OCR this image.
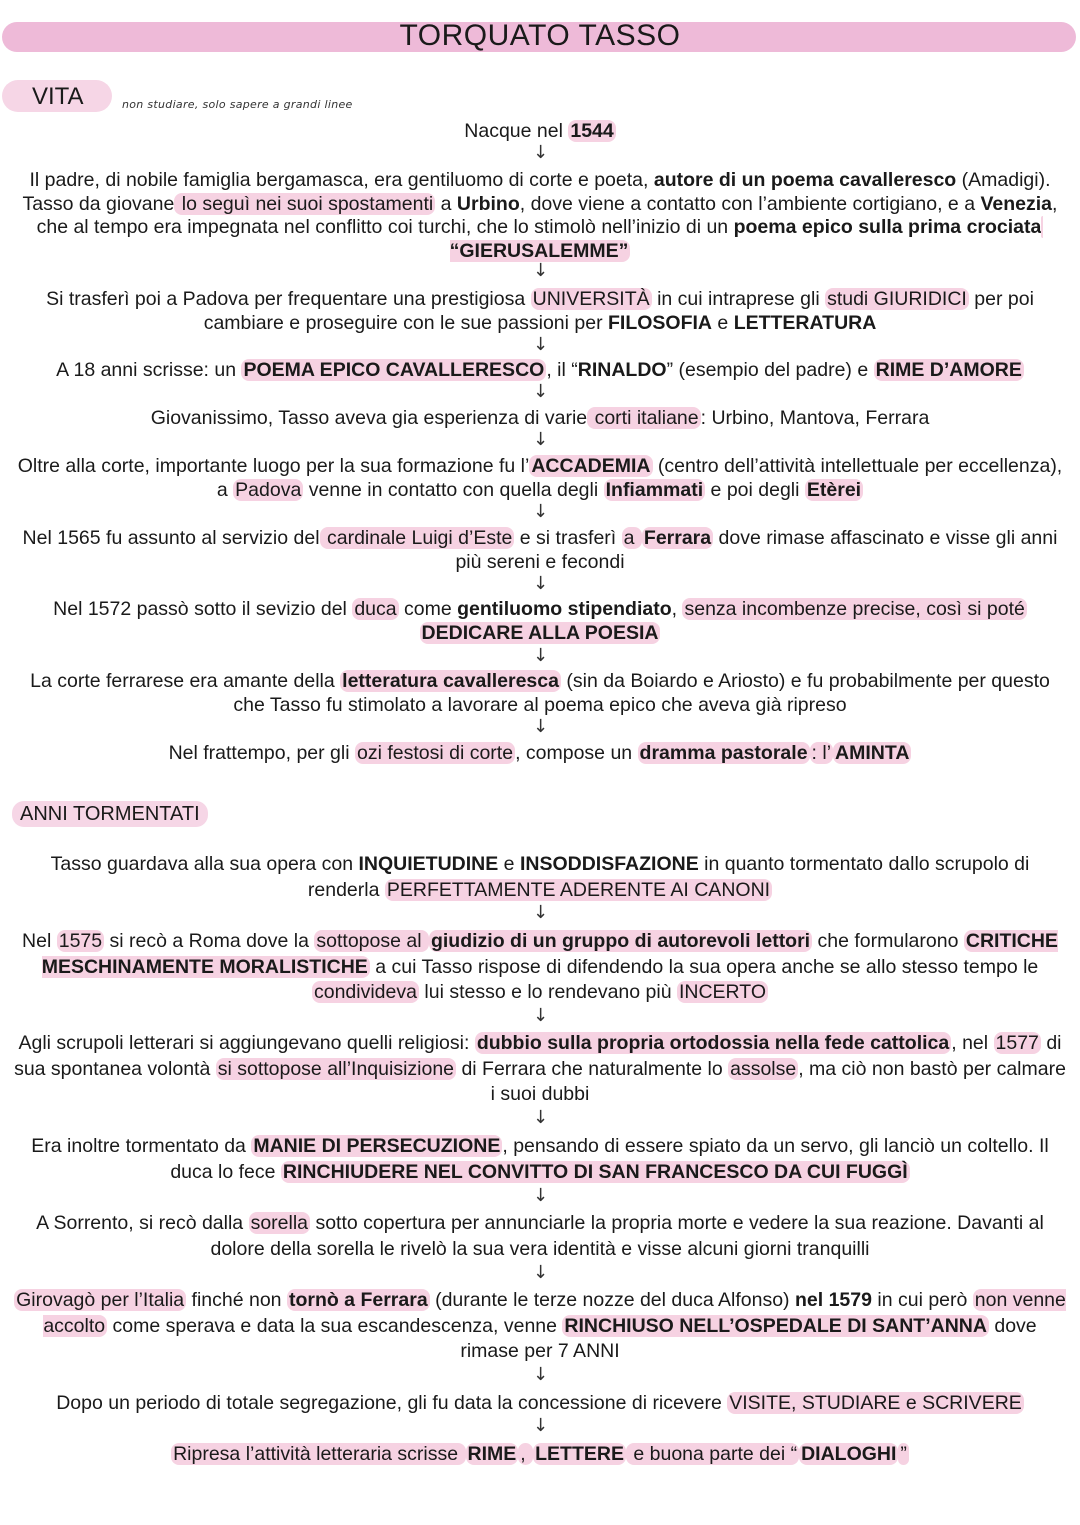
TORQUATO TASSO
VITA	non studiare, solo sapere a grandi linee
Nacque nel 1544
↓
Il padre, di nobile famiglia bergamasca, era gentiluomo di corte e poeta, autore di un poema cavalleresco (Amadigi). Tasso da giovane lo seguì nei suoi spostamenti a Urbino, dove viene a contatto con l’ambiente cortigiano, e a Venezia, che al tempo era impegnata nel conflitto coi turchi, che lo stimolò nell’inizio di un poema epico sulla prima crociata “GIERUSALEMME”
↓
Si trasferì poi a Padova per frequentare una prestigiosa UNIVERSITÀ in cui intraprese gli studi GIURIDICI per poi cambiare e proseguire con le sue passioni per FILOSOFIA e LETTERATURA
↓
A 18 anni scrisse: un POEMA EPICO CAVALLERESCO , il “RINALDO” (esempio del padre) e RIME D’AMORE
↓
Giovanissimo, Tasso aveva gia esperienza di varie corti italiane : Urbino, Mantova, Ferrara
↓
Oltre alla corte, importante luogo per la sua formazione fu l’ ACCADEMIA (centro dell’attività intellettuale per eccellenza), a Padova venne in contatto con quella degli Infiammati e poi degli Etèrei
↓
Nel 1565 fu assunto al servizio del cardinale Luigi d’Este e si trasferì a Ferrara dove rimase affascinato e visse gli anni più sereni e fecondi
↓
Nel 1572 passò sotto il sevizio del duca come gentiluomo stipendiato, senza incombenze precise, così si poté DEDICARE ALLA POESIA
↓
La corte ferrarese era amante della letteratura cavalleresca (sin da Boiardo e Ariosto) e fu probabilmente per questo che Tasso fu stimolato a lavorare al poema epico che aveva già ripreso
↓
Nel frattempo, per gli ozi festosi di corte , compose un dramma pastorale : l’ AMINTA
ANNI TORMENTATI
Tasso guardava alla sua opera con INQUIETUDINE e INSODDISFAZIONE in quanto tormentato dallo scrupolo di renderla PERFETTAMENTE ADERENTE AI CANONI
↓
Nel 1575 si recò a Roma dove la sottopose al giudizio di un gruppo di autorevoli lettori che formularono CRITICHE MESCHINAMENTE MORALISTICHE a cui Tasso rispose di difendendo la sua opera anche se allo stesso tempo le condivideva lui stesso e lo rendevano più INCERTO
↓
Agli scrupoli letterari si aggiungevano quelli religiosi: dubbio sulla propria ortodossia nella fede cattolica , nel 1577 di sua spontanea volontà si sottopose all’Inquisizione di Ferrara che naturalmente lo assolse , ma ciò non bastò per calmare i suoi dubbi
↓
Era inoltre tormentato da MANIE DI PERSECUZIONE , pensando di essere spiato da un servo, gli lanciò un coltello. Il duca lo fece RINCHIUDERE NEL CONVITTO DI SAN FRANCESCO DA CUI FUGGÌ
↓
A Sorrento, si recò dalla sorella sotto copertura per annunciarle la propria morte e vedere la sua reazione. Davanti al dolore della sorella le rivelò la sua vera identità e visse alcuni giorni tranquilli
↓
Girovagò per l’Italia finché non tornò a Ferrara (durante le terze nozze del duca Alfonso) nel 1579 in cui però non venne accolto come sperava e data la sua escandescenza, venne RINCHIUSO NELL’OSPEDALE DI SANT’ANNA dove rimase per 7 ANNI
↓
Dopo un periodo di totale segregazione, gli fu data la concessione di ricevere VISITE, STUDIARE e SCRIVERE
↓
Ripresa l’attività letteraria scrisse RIME , LETTERE e buona parte dei “ DIALOGHI ”
